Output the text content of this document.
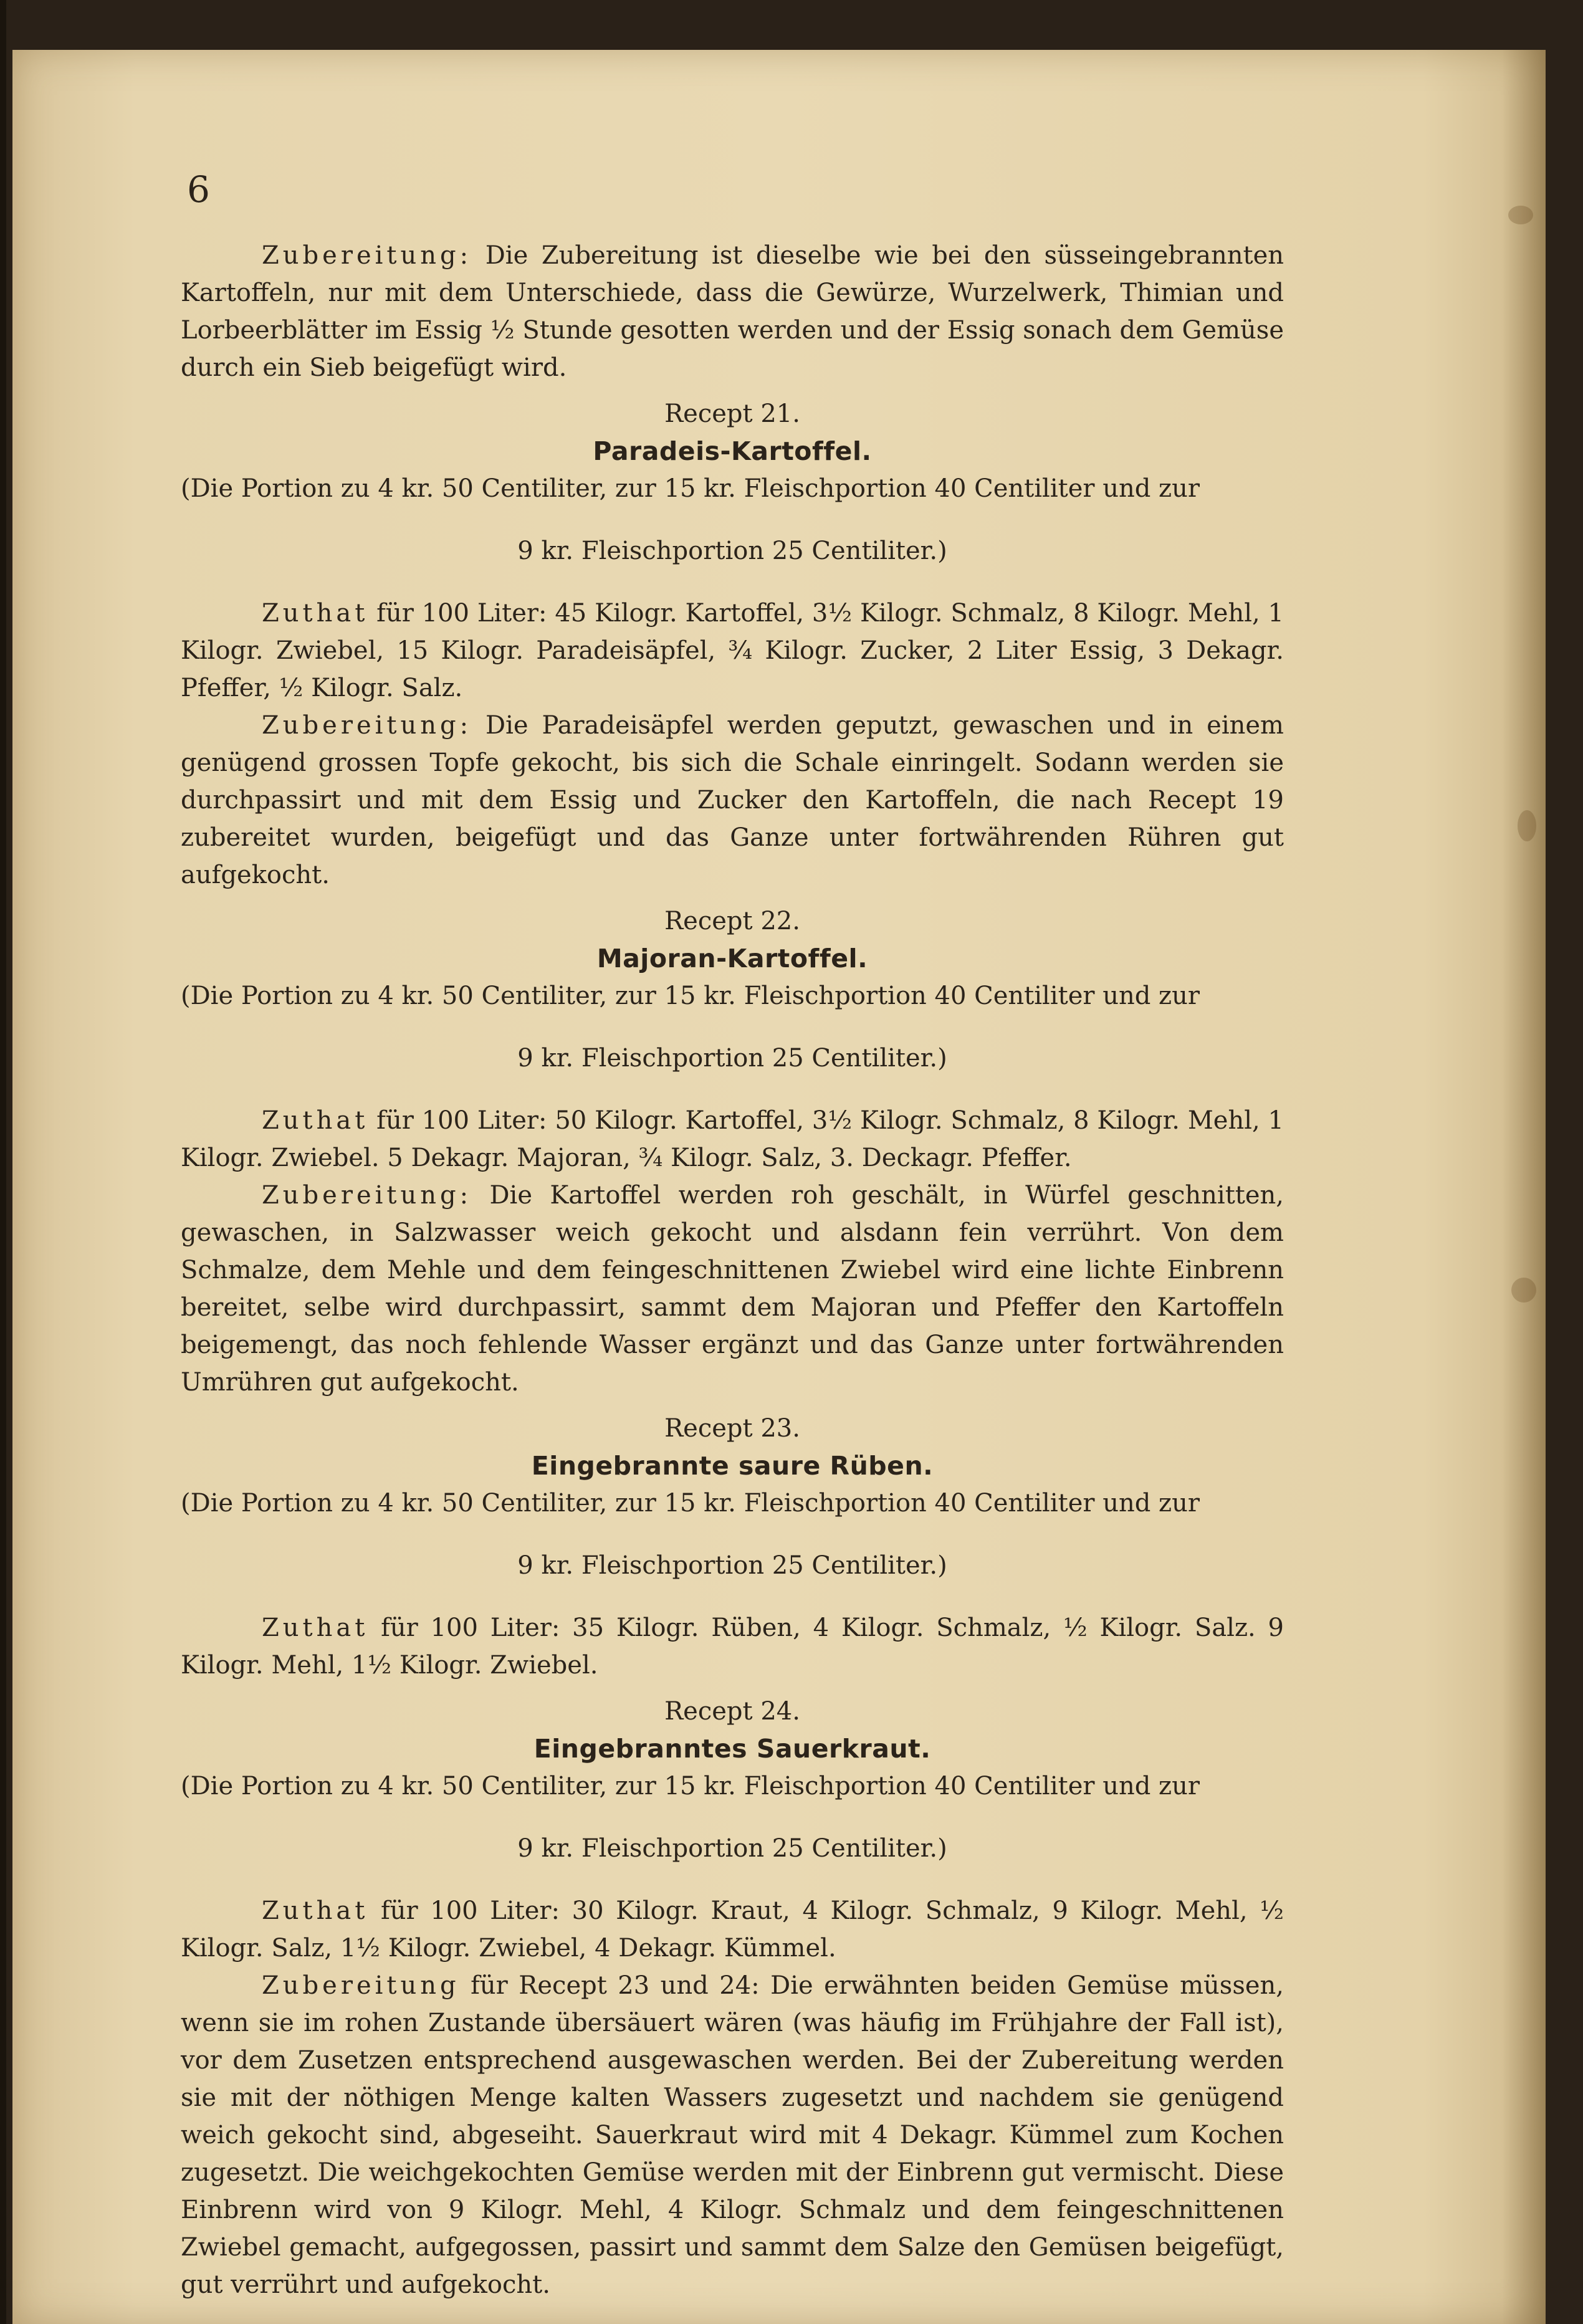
6

Zubereitung: Die Zubereitung ist dieselbe wie bei den süsseingebrannten Kartoffeln, nur mit dem Unterschiede, dass die Gewürze, Wurzelwerk, Thimian und Lorbeerblätter im Essig ½ Stunde gesotten werden und der Essig sonach dem Gemüse durch ein Sieb beigefügt wird.

Recept 21.
Paradeis-Kartoffel.

(Die Portion zu 4 kr. 50 Centiliter, zur 15 kr. Fleischportion 40 Centiliter und zur

9 kr. Fleischportion 25 Centiliter.)

Zuthat für 100 Liter: 45 Kilogr. Kartoffel, 3½ Kilogr. Schmalz, 8 Kilogr. Mehl, 1 Kilogr. Zwiebel, 15 Kilogr. Paradeisäpfel, ¾ Kilogr. Zucker, 2 Liter Essig, 3 Dekagr. Pfeffer, ½ Kilogr. Salz.

Zubereitung: Die Paradeisäpfel werden geputzt, gewaschen und in einem genügend grossen Topfe gekocht, bis sich die Schale einringelt. Sodann werden sie durchpassirt und mit dem Essig und Zucker den Kartoffeln, die nach Recept 19 zubereitet wurden, beigefügt und das Ganze unter fortwährenden Rühren gut aufgekocht.

Recept 22.
Majoran-Kartoffel.

(Die Portion zu 4 kr. 50 Centiliter, zur 15 kr. Fleischportion 40 Centiliter und zur

9 kr. Fleischportion 25 Centiliter.)

Zuthat für 100 Liter: 50 Kilogr. Kartoffel, 3½ Kilogr. Schmalz, 8 Kilogr. Mehl, 1 Kilogr. Zwiebel. 5 Dekagr. Majoran, ¾ Kilogr. Salz, 3. Deckagr. Pfeffer.

Zubereitung: Die Kartoffel werden roh geschält, in Würfel geschnitten, gewaschen, in Salzwasser weich gekocht und alsdann fein verrührt. Von dem Schmalze, dem Mehle und dem feingeschnittenen Zwiebel wird eine lichte Einbrenn bereitet, selbe wird durchpassirt, sammt dem Majoran und Pfeffer den Kartoffeln beigemengt, das noch fehlende Wasser ergänzt und das Ganze unter fortwährenden Umrühren gut aufgekocht.

Recept 23.
Eingebrannte saure Rüben.

(Die Portion zu 4 kr. 50 Centiliter, zur 15 kr. Fleischportion 40 Centiliter und zur

9 kr. Fleischportion 25 Centiliter.)

Zuthat für 100 Liter: 35 Kilogr. Rüben, 4 Kilogr. Schmalz, ½ Kilogr. Salz. 9 Kilogr. Mehl, 1½ Kilogr. Zwiebel.

Recept 24.
Eingebranntes Sauerkraut.

(Die Portion zu 4 kr. 50 Centiliter, zur 15 kr. Fleischportion 40 Centiliter und zur

9 kr. Fleischportion 25 Centiliter.)

Zuthat für 100 Liter: 30 Kilogr. Kraut, 4 Kilogr. Schmalz, 9 Kilogr. Mehl, ½ Kilogr. Salz, 1½ Kilogr. Zwiebel, 4 Dekagr. Kümmel.

Zubereitung für Recept 23 und 24: Die erwähnten beiden Gemüse müssen, wenn sie im rohen Zustande übersäuert wären (was häufig im Frühjahre der Fall ist), vor dem Zusetzen entsprechend ausgewaschen werden. Bei der Zubereitung werden sie mit der nöthigen Menge kalten Wassers zugesetzt und nachdem sie genügend weich gekocht sind, abgeseiht. Sauerkraut wird mit 4 Dekagr. Kümmel zum Kochen zugesetzt. Die weichgekochten Gemüse werden mit der Einbrenn gut vermischt. Diese Einbrenn wird von 9 Kilogr. Mehl, 4 Kilogr. Schmalz und dem feingeschnittenen Zwiebel gemacht, aufgegossen, passirt und sammt dem Salze den Gemüsen beigefügt, gut verrührt und aufgekocht.
